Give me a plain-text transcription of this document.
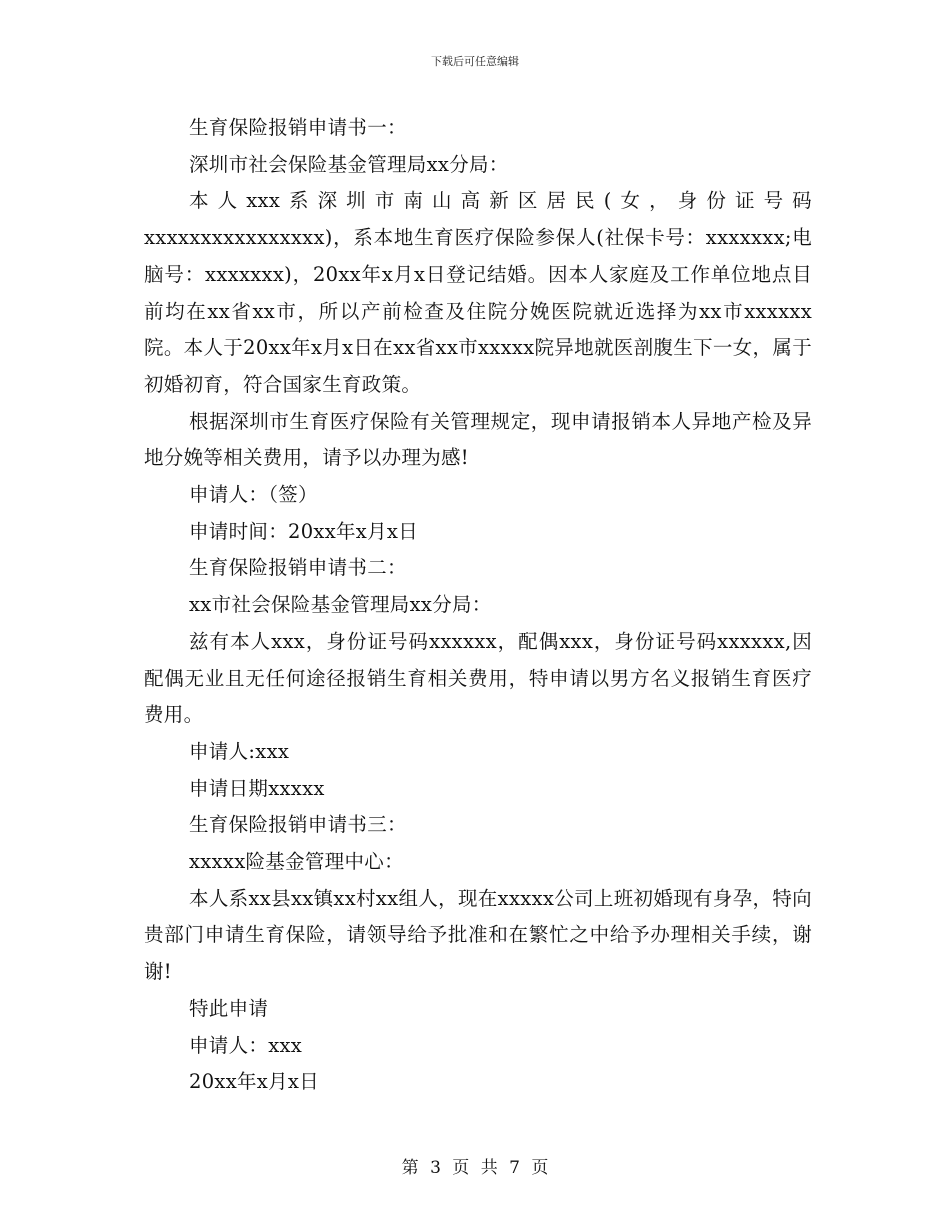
下载后可任意编辑

生育保险报销申请书一：

深圳市社会保险基金管理局xx分局：

本人xxx系深圳市南山高新区居民(女，身份证号码xxxxxxxxxxxxxxxx)，系本地生育医疗保险参保人(社保卡号：xxxxxxx;电脑号：xxxxxxx)，20xx年x月x日登记结婚。因本人家庭及工作单位地点目前均在xx省xx市，所以产前检查及住院分娩医院就近选择为xx市xxxxxx院。本人于20xx年x月x日在xx省xx市xxxxx院异地就医剖腹生下一女，属于初婚初育，符合国家生育政策。

根据深圳市生育医疗保险有关管理规定，现申请报销本人异地产检及异地分娩等相关费用，请予以办理为感!

申请人：（签）

申请时间：20xx年x月x日

生育保险报销申请书二：

xx市社会保险基金管理局xx分局：

兹有本人xxx，身份证号码xxxxxx，配偶xxx，身份证号码xxxxxx,因配偶无业且无任何途径报销生育相关费用，特申请以男方名义报销生育医疗费用。

申请人:xxx

申请日期xxxxx

生育保险报销申请书三：

xxxxx险基金管理中心：

本人系xx县xx镇xx村xx组人，现在xxxxx公司上班初婚现有身孕，特向贵部门申请生育保险，请领导给予批准和在繁忙之中给予办理相关手续，谢谢!

特此申请

申请人：xxx

20xx年x月x日

第 3 页 共 7 页
